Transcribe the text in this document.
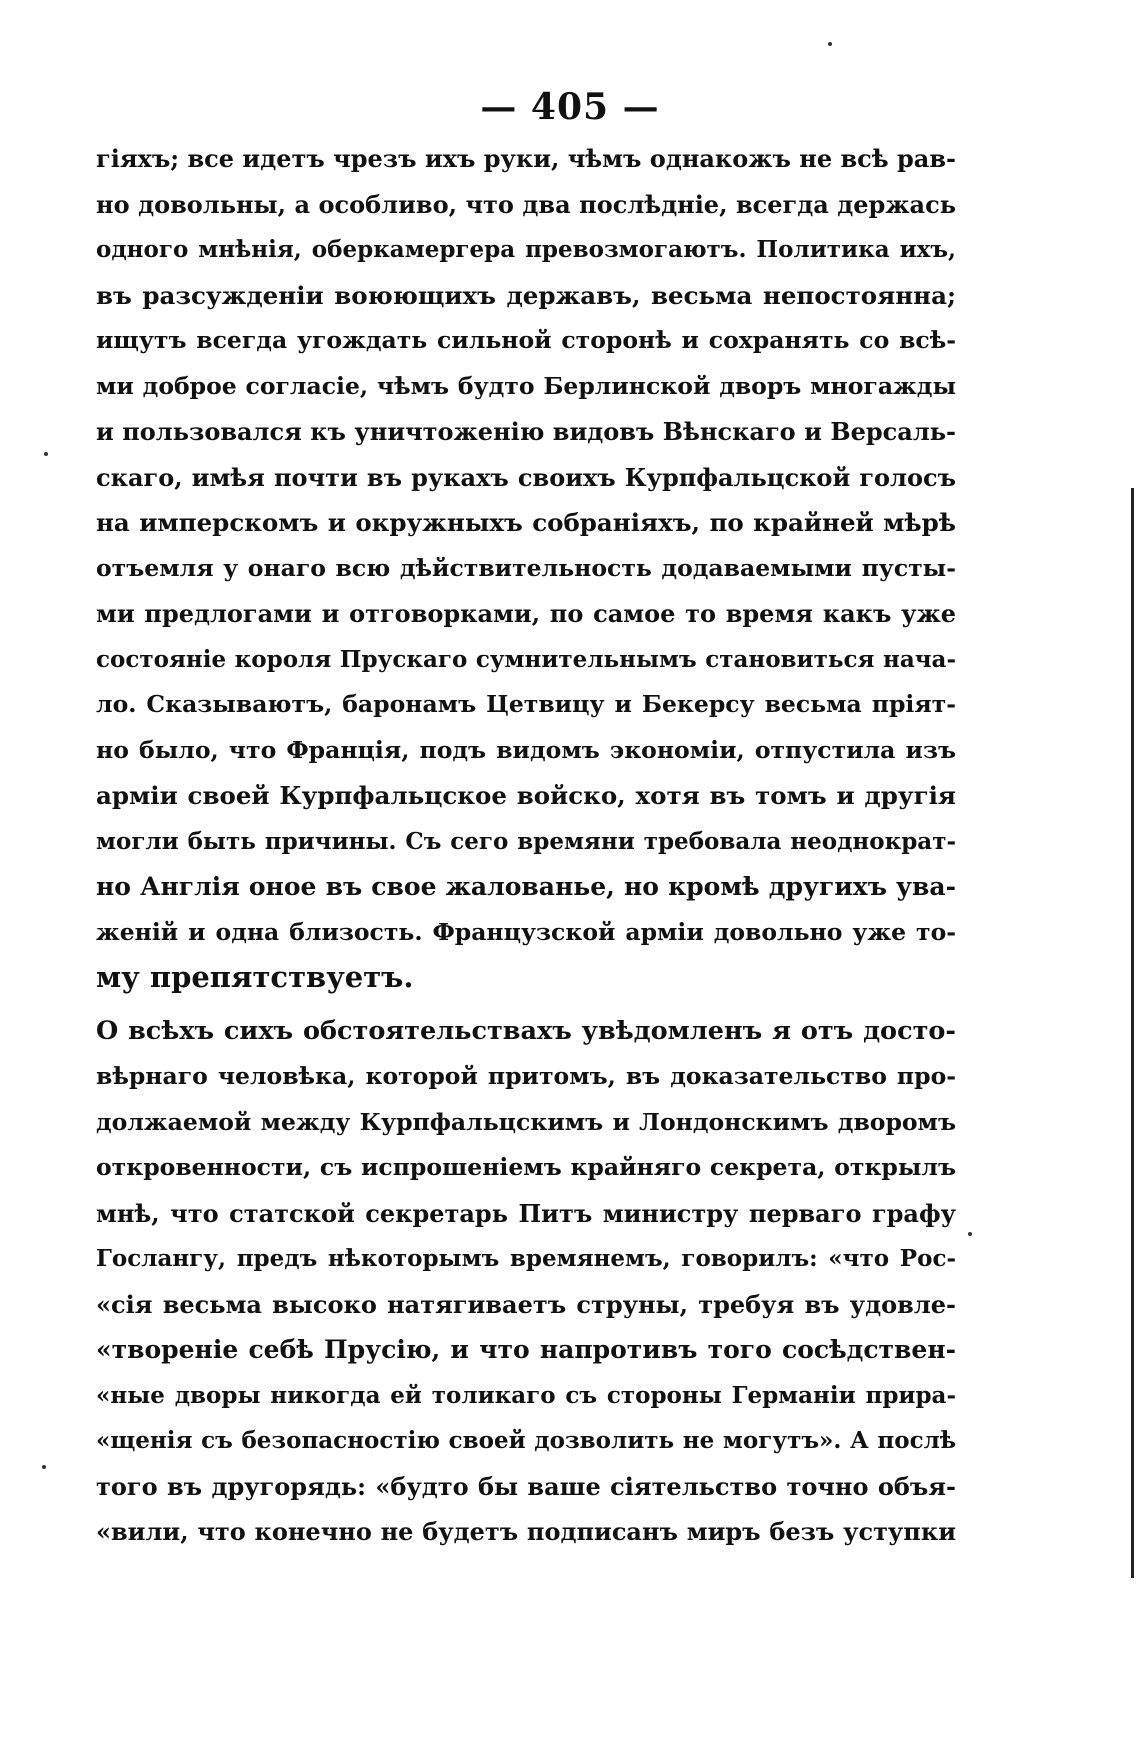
— 405 —
гiяхъ; все идетъ чрезъ ихъ руки, чѣмъ однакожъ не всѣ рав-
но довольны, а особливо, что два послѣднiе, всегда держась
одного мнѣнiя, оберкамергера превозмогаютъ. Политика ихъ,
въ разсужденiи воюющихъ державъ, весьма непостоянна;
ищутъ всегда угождать сильной сторонѣ и сохранять со всѣ-
ми доброе согласiе, чѣмъ будто Берлинской дворъ многажды
и пользовался къ уничтоженiю видовъ Вѣнскаго и Версаль-
скаго, имѣя почти въ рукахъ своихъ Курпфальцской голосъ
на имперскомъ и окружныхъ собранiяхъ, по крайней мѣрѣ
отъемля у онаго всю дѣйствительность додаваемыми пусты-
ми предлогами и отговорками, по самое то время какъ уже
состоянiе короля Прускаго сумнительнымъ становиться нача-
ло. Сказываютъ, баронамъ Цетвицу и Бекерсу весьма прiят-
но было, что Францiя, подъ видомъ экономiи, отпустила изъ
армiи своей Курпфальцское войско, хотя въ томъ и другiя
могли быть причины. Съ сего времяни требовала неоднократ-
но Англiя оное въ свое жалованье, но кромѣ другихъ ува-
женiй и одна близость. Французской армiи довольно уже то-
му препятствуетъ.
О всѣхъ сихъ обстоятельствахъ увѣдомленъ я отъ досто-
вѣрнаго человѣка, которой притомъ, въ доказательство про-
должаемой между Курпфальцскимъ и Лондонскимъ дворомъ
откровенности, съ испрошенiемъ крайняго секрета, открылъ
мнѣ, что статской секретарь Питъ министру перваго графу
Гослангу, предъ нѣкоторымъ времянемъ, говорилъ: «что Рос-
«сiя весьма высоко натягиваетъ струны, требуя въ удовле-
«творенiе себѣ Прусiю, и что напротивъ того сосѣдствен-
«ные дворы никогда ей толикаго съ стороны Германiи прира-
«щенiя съ безопасностiю своей дозволить не могутъ». А послѣ
того въ другорядь: «будто бы ваше сiятельство точно объя-
«вили, что конечно не будетъ подписанъ миръ безъ уступки
